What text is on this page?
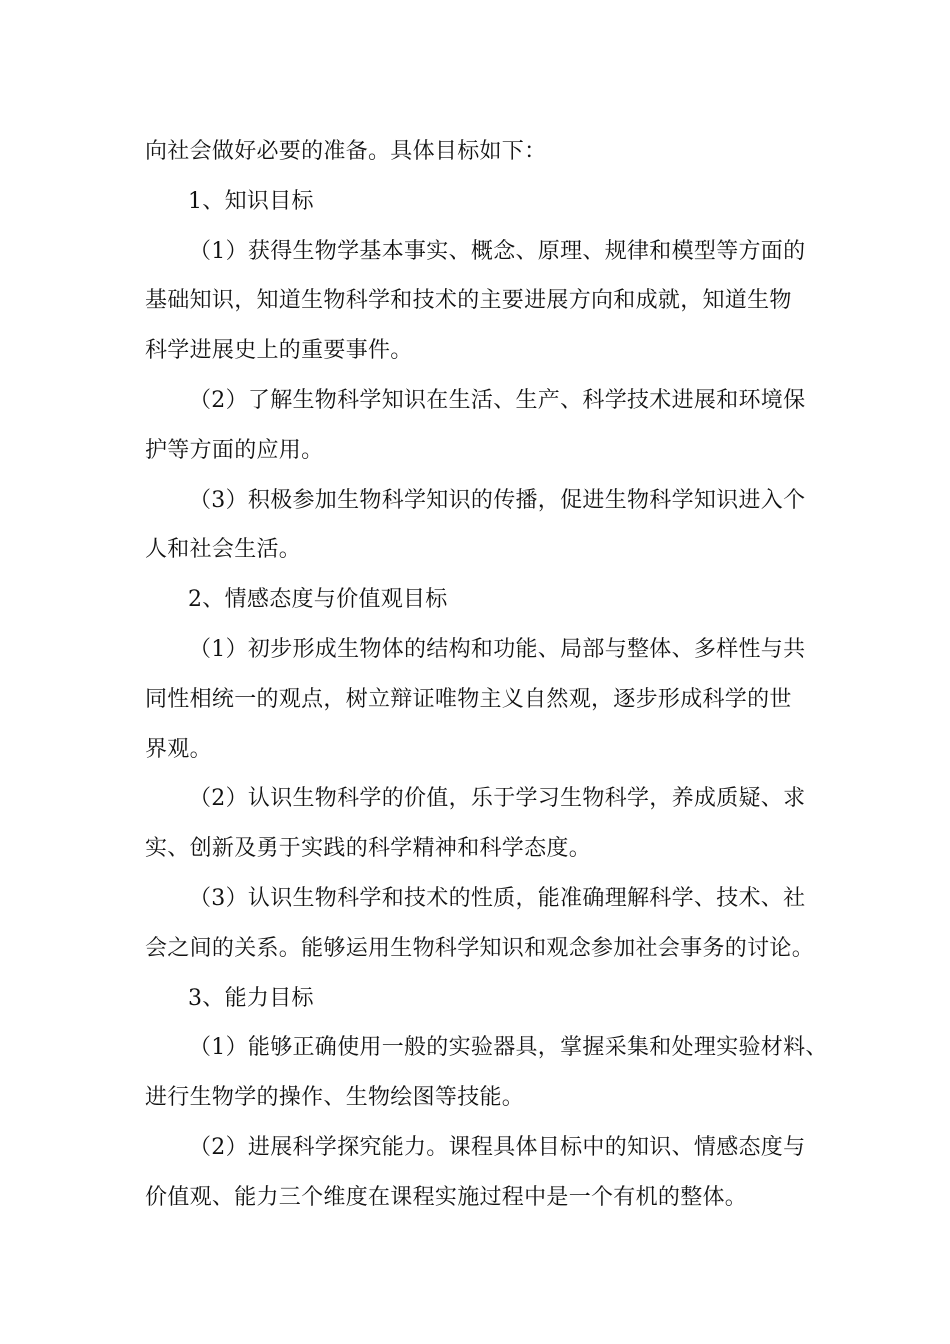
向社会做好必要的准备。具体目标如下：
1、知识目标
（1）获得生物学基本事实、概念、原理、规律和模型等方面的
基础知识，知道生物科学和技术的主要进展方向和成就，知道生物
科学进展史上的重要事件。
（2）了解生物科学知识在生活、生产、科学技术进展和环境保
护等方面的应用。
（3）积极参加生物科学知识的传播，促进生物科学知识进入个
人和社会生活。
2、情感态度与价值观目标
（1）初步形成生物体的结构和功能、局部与整体、多样性与共
同性相统一的观点，树立辩证唯物主义自然观，逐步形成科学的世
界观。
（2）认识生物科学的价值，乐于学习生物科学，养成质疑、求
实、创新及勇于实践的科学精神和科学态度。
（3）认识生物科学和技术的性质，能准确理解科学、技术、社
会之间的关系。能够运用生物科学知识和观念参加社会事务的讨论。
3、能力目标
（1）能够正确使用一般的实验器具，掌握采集和处理实验材料、
进行生物学的操作、生物绘图等技能。
（2）进展科学探究能力。课程具体目标中的知识、情感态度与
价值观、能力三个维度在课程实施过程中是一个有机的整体。
